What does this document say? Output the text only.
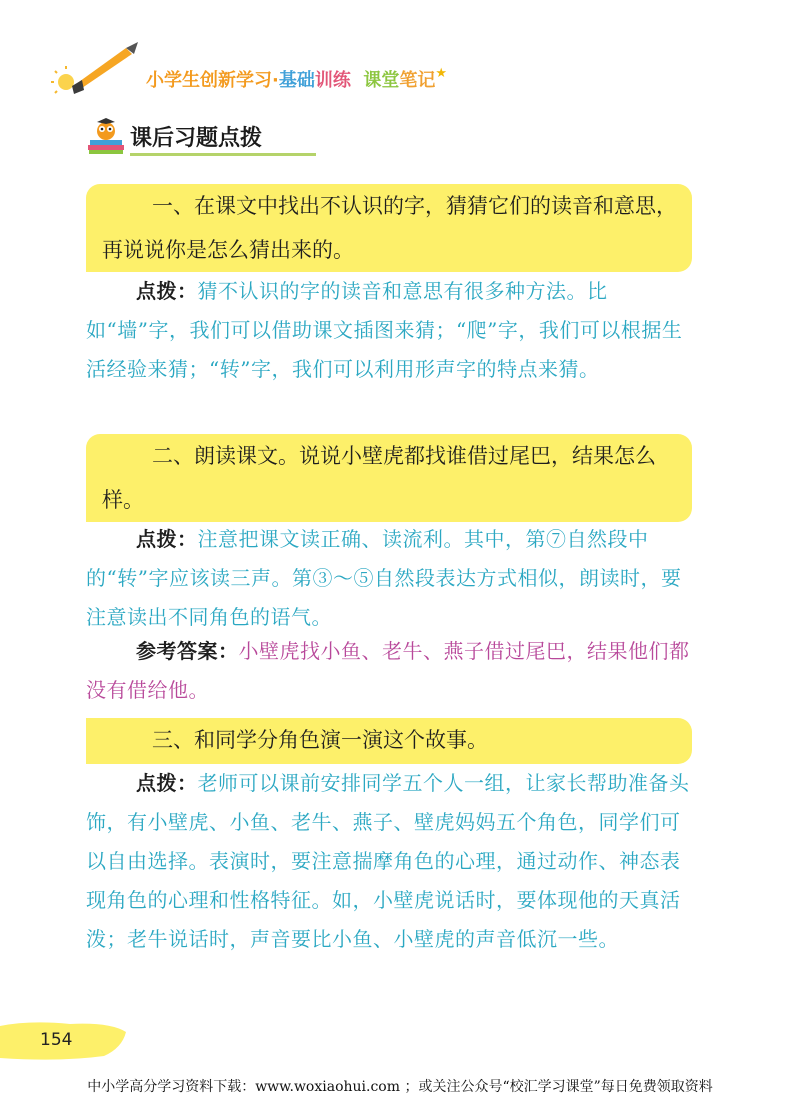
小学生创新学习·基础训练 课堂笔记★
课后习题点拨
一、在课文中找出不认识的字，猜猜它们的读音和意思，再说说你是怎么猜出来的。
点拨：猜不认识的字的读音和意思有很多种方法。比如“墙”字，我们可以借助课文插图来猜；“爬”字，我们可以根据生活经验来猜；“转”字，我们可以利用形声字的特点来猜。
二、朗读课文。说说小壁虎都找谁借过尾巴，结果怎么样。
点拨：注意把课文读正确、读流利。其中，第⑦自然段中的“转”字应该读三声。第③～⑤自然段表达方式相似，朗读时，要注意读出不同角色的语气。
参考答案：小壁虎找小鱼、老牛、燕子借过尾巴，结果他们都没有借给他。
三、和同学分角色演一演这个故事。
点拨：老师可以课前安排同学五个人一组，让家长帮助准备头饰，有小壁虎、小鱼、老牛、燕子、壁虎妈妈五个角色，同学们可以自由选择。表演时，要注意揣摩角色的心理，通过动作、神态表现角色的心理和性格特征。如，小壁虎说话时，要体现他的天真活泼；老牛说话时，声音要比小鱼、小壁虎的声音低沉一些。
154
中小学高分学习资料下载：www.woxiaohui.com ；或关注公众号“校汇学习课堂”每日免费领取资料
